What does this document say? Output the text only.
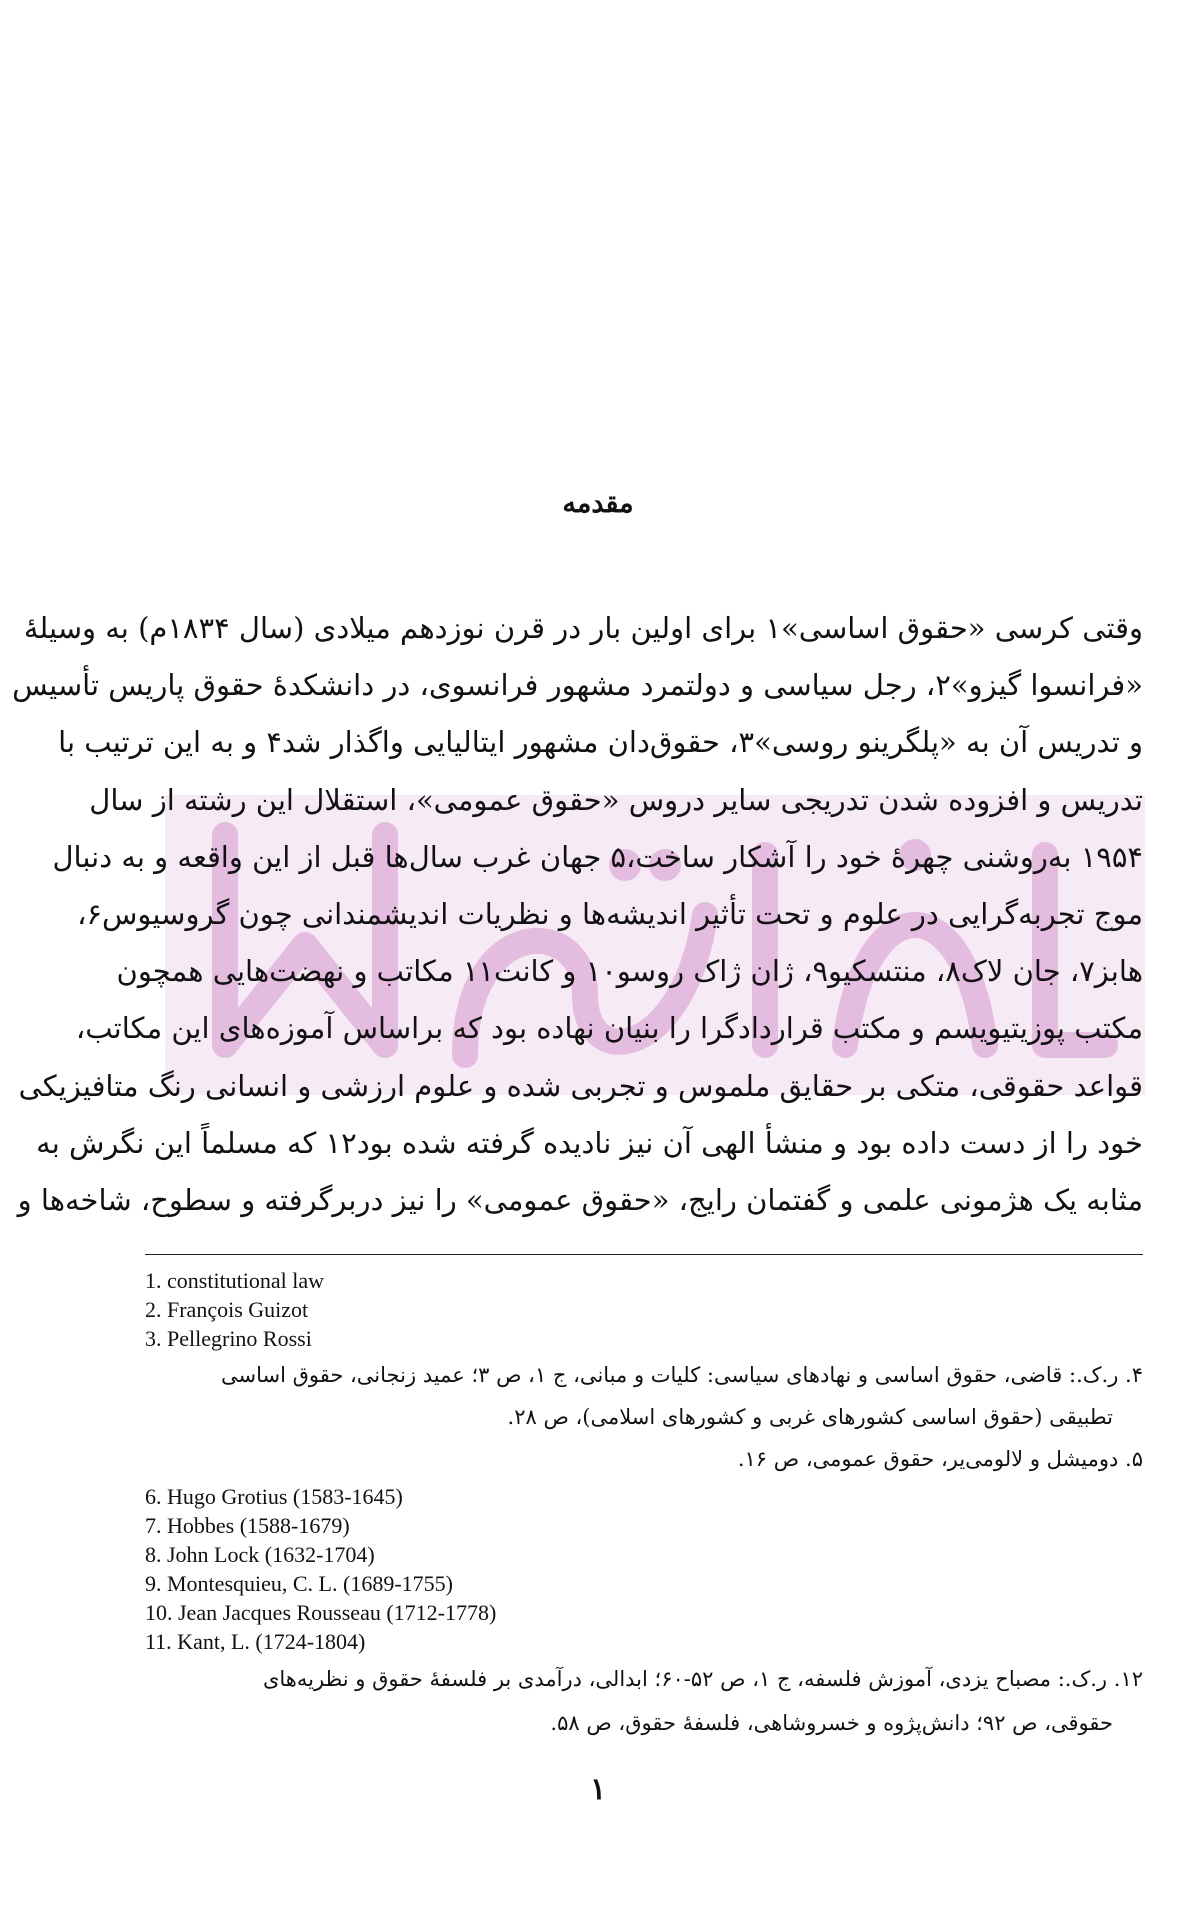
مقدمه
وقتی کرسی «حقوق اساسی»۱ برای اولین بار در قرن نوزدهم میلادی (سال ۱۸۳۴م) به وسیلهٔ
«فرانسوا گیزو»۲، رجل سیاسی و دولتمرد مشهور فرانسوی، در دانشکدهٔ حقوق پاریس تأسیس
و تدریس آن به «پلگرینو روسی»۳، حقوق‌دان مشهور ایتالیایی واگذار شد۴ و به این ترتیب با
تدریس و افزوده شدن تدریجی سایر دروس «حقوق عمومی»، استقلال این رشته از سال
۱۹۵۴ به‌روشنی چهرهٔ خود را آشکار ساخت،۵ جهان غرب سال‌ها قبل از این واقعه و به دنبال
موج تجربه‌گرایی در علوم و تحت تأثیر اندیشه‌ها و نظریات اندیشمندانی چون گروسیوس۶،
هابز۷، جان لاک۸، منتسکیو۹، ژان ژاک روسو۱۰ و کانت۱۱ مکاتب و نهضت‌هایی همچون
مکتب پوزیتیویسم و مکتب قراردادگرا را بنیان نهاده بود که براساس آموزه‌های این مکاتب،
قواعد حقوقی، متکی بر حقایق ملموس و تجربی شده و علوم ارزشی و انسانی رنگ متافیزیکی
خود را از دست داده بود و منشأ الهی آن نیز نادیده گرفته شده بود۱۲ که مسلماً این نگرش به
مثابه یک هژمونی علمی و گفتمان رایج، «حقوق عمومی» را نیز دربرگرفته و سطوح، شاخه‌ها و
1. constitutional law
2. François Guizot
3. Pellegrino Rossi
۴. ر.ک.: قاضی، حقوق اساسی و نهادهای سیاسی: کلیات و مبانی، ج ۱، ص ۳؛ عمید زنجانی، حقوق اساسی
تطبیقی (حقوق اساسی کشورهای غربی و کشورهای اسلامی)، ص ۲۸.
۵. دومیشل و لالومی‌یر، حقوق عمومی، ص ۱۶.
6. Hugo Grotius (1583-1645)
7. Hobbes (1588-1679)
8. John Lock (1632-1704)
9. Montesquieu, C. L. (1689-1755)
10. Jean Jacques Rousseau (1712-1778)
11. Kant, L. (1724-1804)
۱۲. ر.ک.: مصباح یزدی، آموزش فلسفه، ج ۱، ص ۵۲-۶۰؛ ابدالی، درآمدی بر فلسفهٔ حقوق و نظریه‌های
حقوقی، ص ۹۲؛ دانش‌پژوه و خسروشاهی، فلسفهٔ حقوق، ص ۵۸.
۱
